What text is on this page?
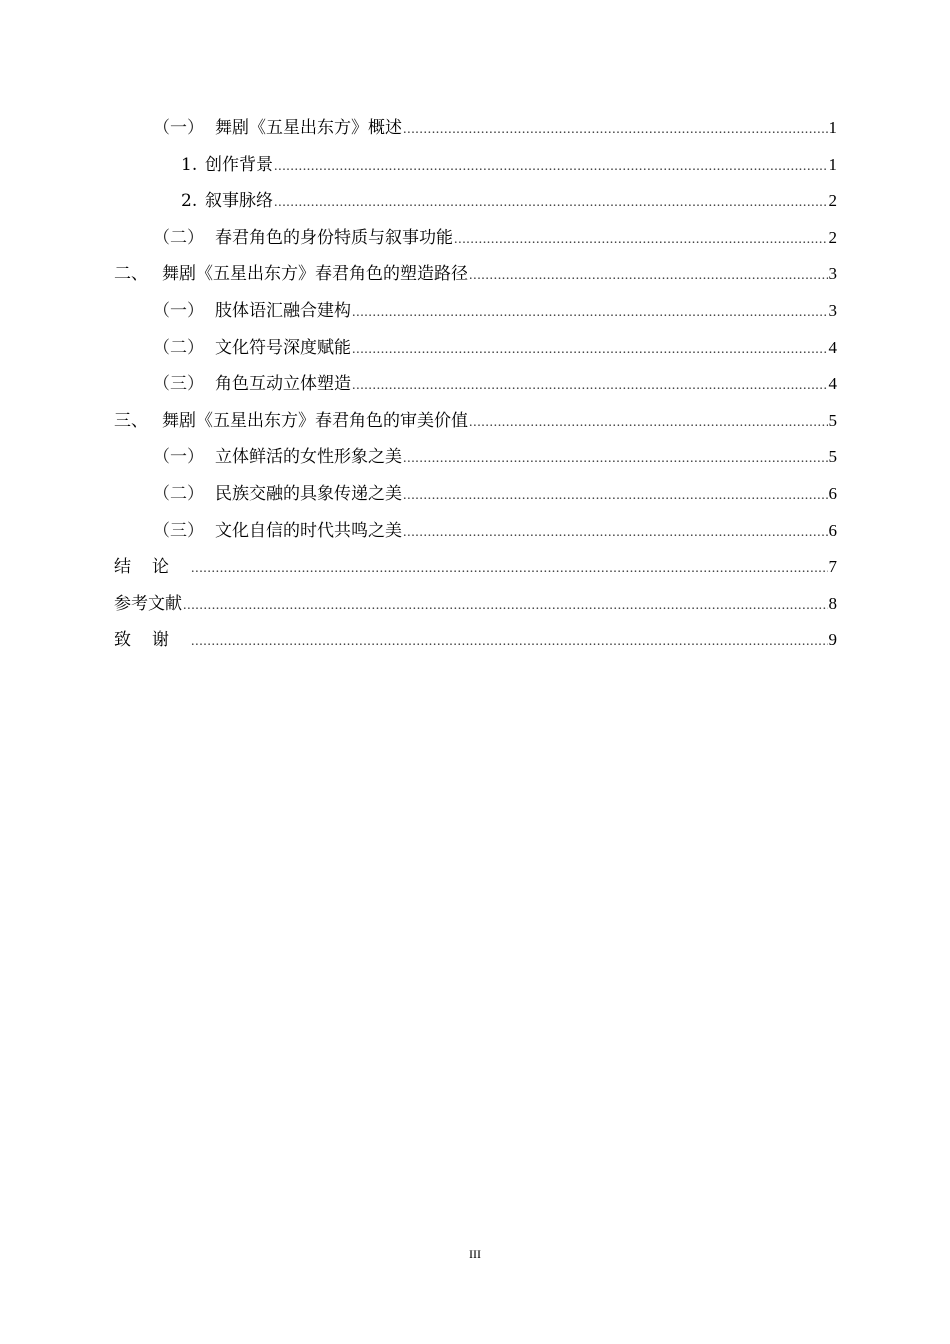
（一） 舞剧《五星出东方》概述 .....	1
1. 创作背景 .....	1
2. 叙事脉络 .....	2
（二） 春君角色的身份特质与叙事功能 .....	2
二、 舞剧《五星出东方》春君角色的塑造路径 .....	3
（一） 肢体语汇融合建构 .....	3
（二） 文化符号深度赋能 .....	4
（三） 角色互动立体塑造 .....	4
三、 舞剧《五星出东方》春君角色的审美价值 .....	5
（一） 立体鲜活的女性形象之美 .....	5
（二） 民族交融的具象传递之美 .....	6
（三） 文化自信的时代共鸣之美 .....	6
结论 .....	7
参考文献 .....	8
致谢 .....	9
III
